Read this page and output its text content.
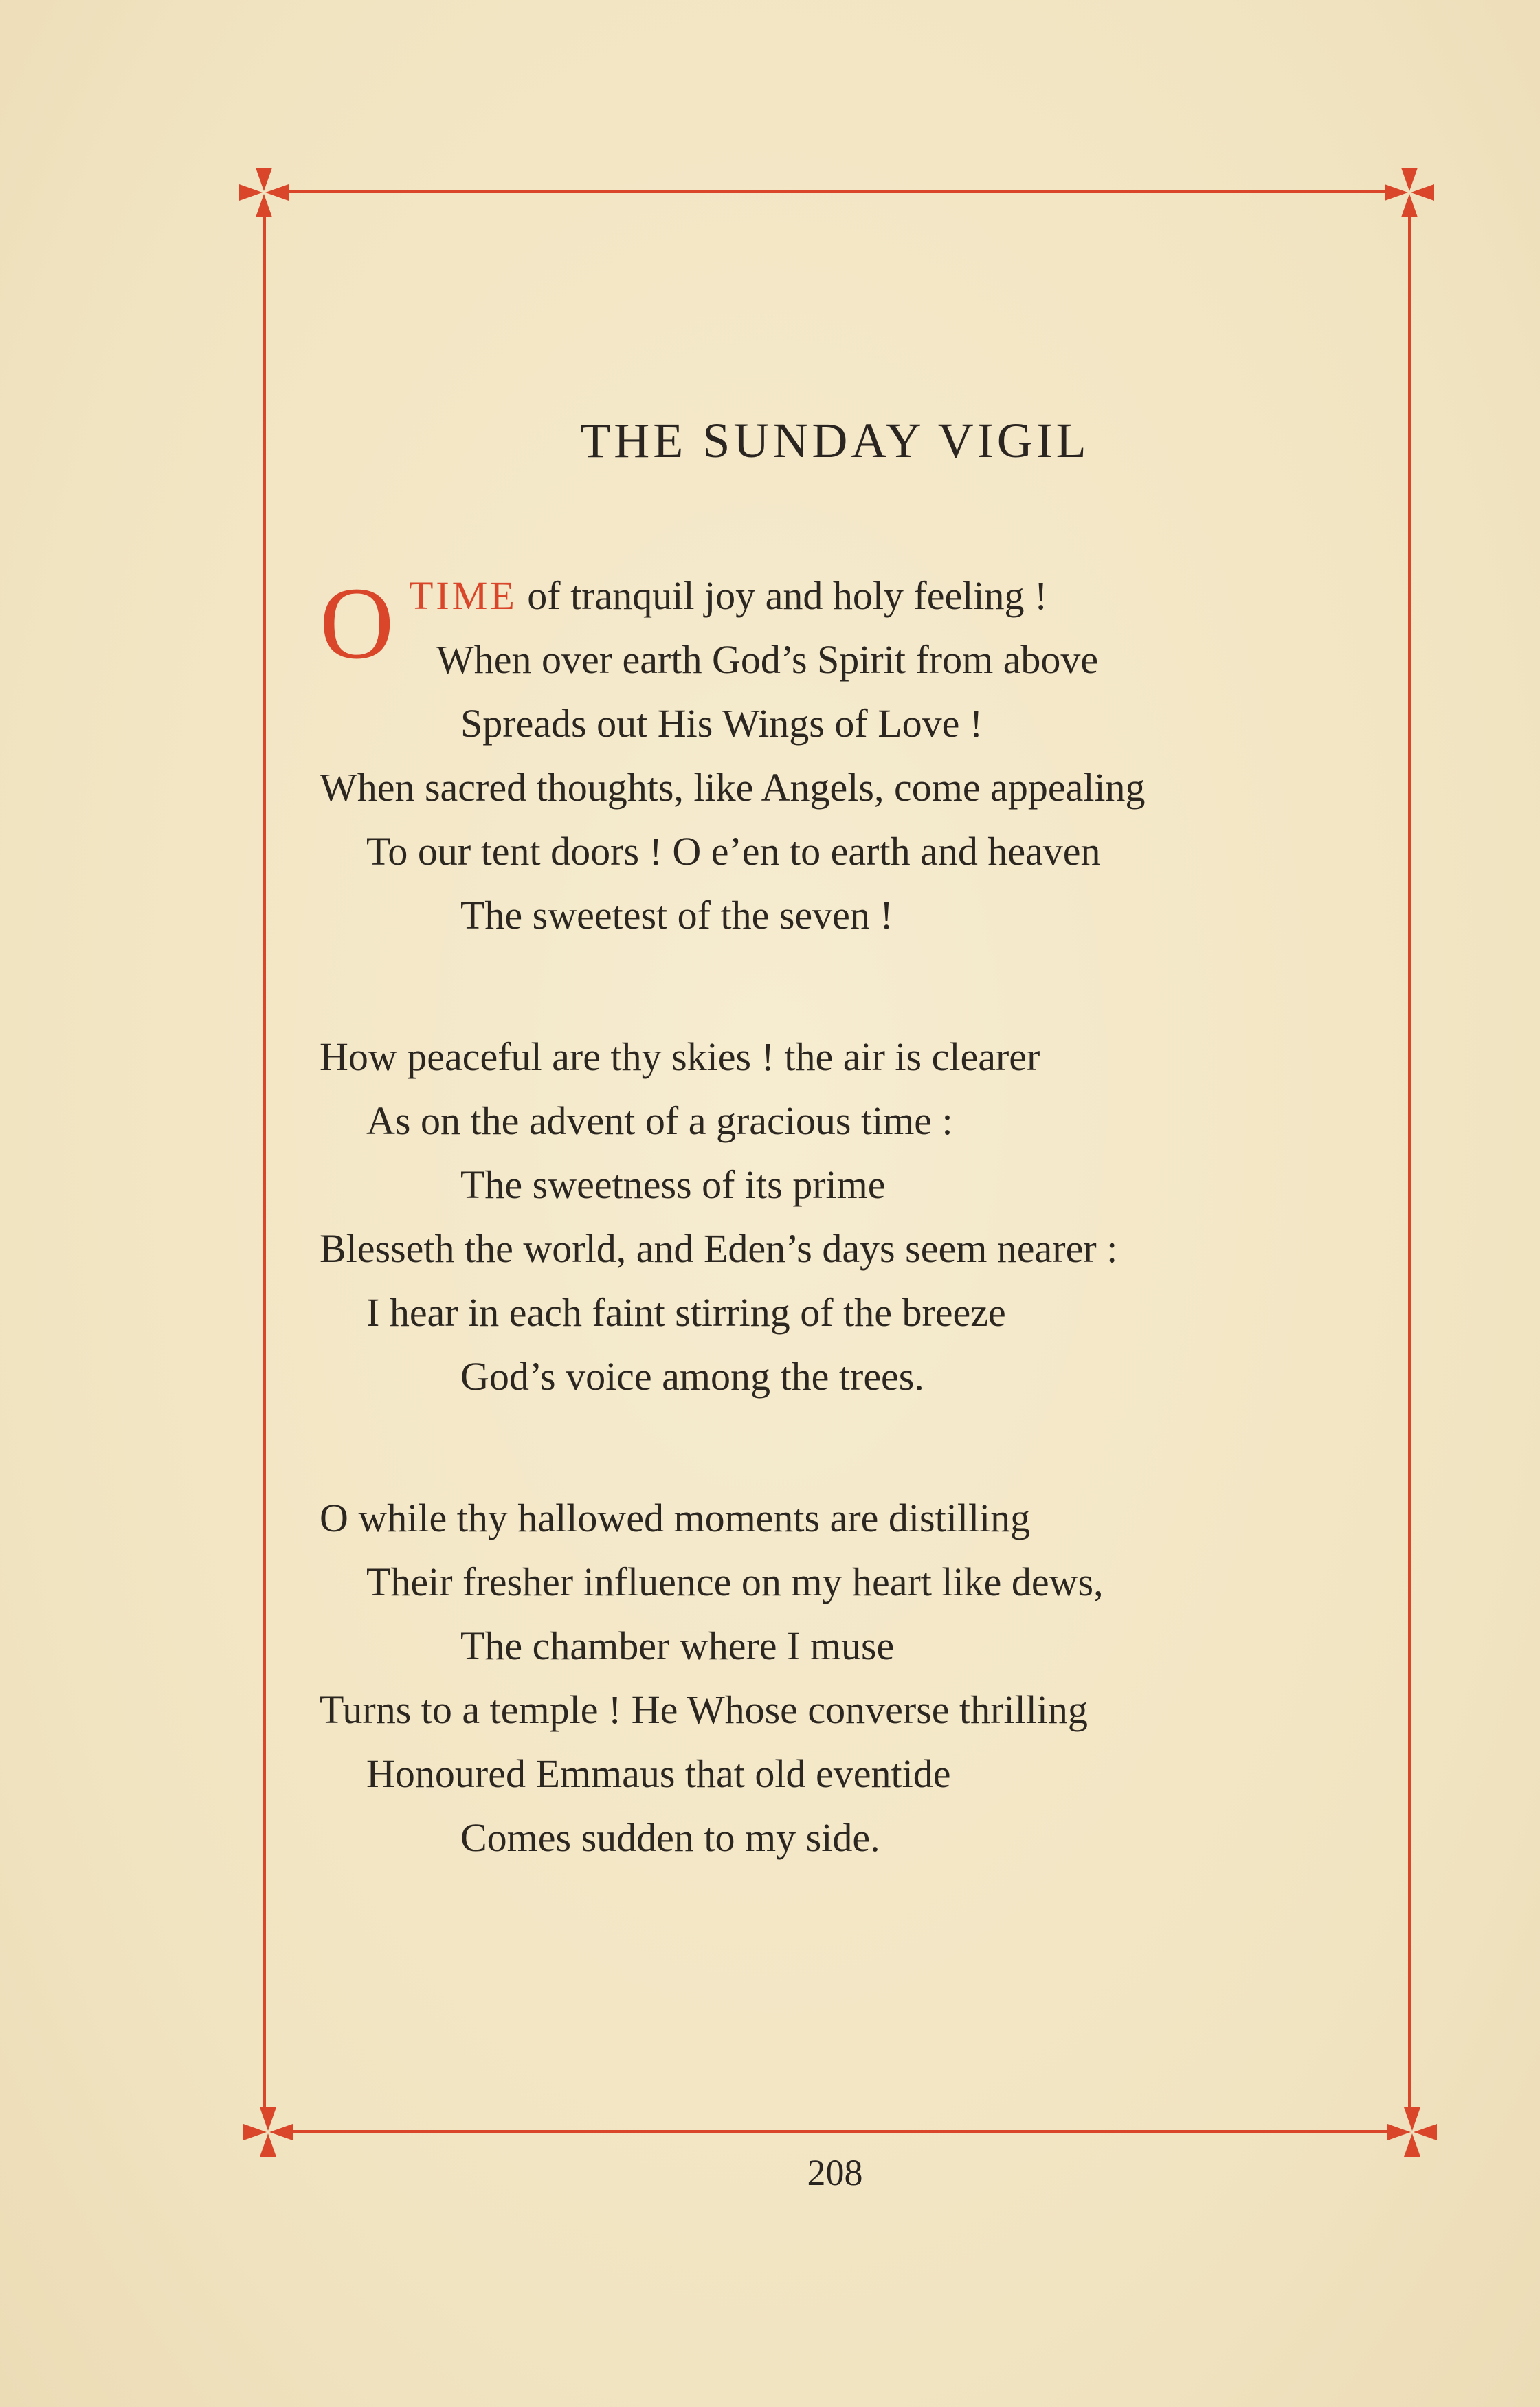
THE SUNDAY VIGIL
O TIME of tranquil joy and holy feeling !
When over earth God’s Spirit from above
Spreads out His Wings of Love !
When sacred thoughts, like Angels, come appealing
To our tent doors ! O e’en to earth and heaven
The sweetest of the seven !
How peaceful are thy skies ! the air is clearer
As on the advent of a gracious time :
The sweetness of its prime
Blesseth the world, and Eden’s days seem nearer :
I hear in each faint stirring of the breeze
God’s voice among the trees.
O while thy hallowed moments are distilling
Their fresher influence on my heart like dews,
The chamber where I muse
Turns to a temple ! He Whose converse thrilling
Honoured Emmaus that old eventide
Comes sudden to my side.
208
